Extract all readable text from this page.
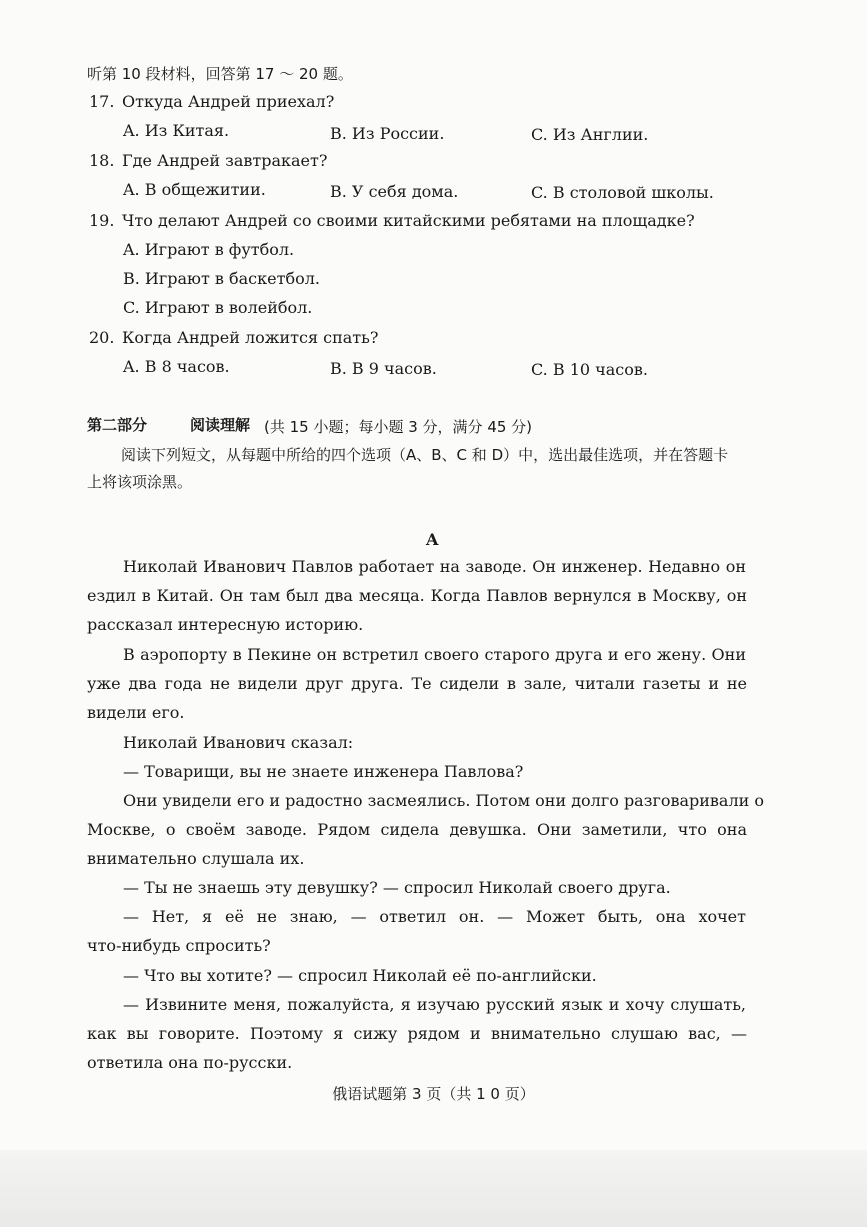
听第 10 段材料，回答第 17 ～ 20 题。
17. Откуда Андрей приехал?
A. Из Китая.	B. Из России.	C. Из Англии.
18. Где Андрей завтракает?
A. В общежитии.	B. У себя дома.	C. В столовой школы.
19. Что делают Андрей со своими китайскими ребятами на площадке?
A. Играют в футбол.
B. Играют в баскетбол.
C. Играют в волейбол.
20. Когда Андрей ложится спать?
A. В 8 часов.	B. В 9 часов.	C. В 10 часов.
第二部分	阅读理解 (共 15 小题；每小题 3 分，满分 45 分)
阅读下列短文，从每题中所给的四个选项（A、B、C 和 D）中，选出最佳选项，并在答题卡
上将该项涂黑。
A
Николай Иванович Павлов работает на заводе. Он инженер. Недавно он
ездил в Китай. Он там был два месяца. Когда Павлов вернулся в Москву, он
рассказал интересную историю.
В аэропорту в Пекине он встретил своего старого друга и его жену. Они
уже два года не видели друг друга. Те сидели в зале, читали газеты и не
видели его.
Николай Иванович сказал:
— Товарищи, вы не знаете инженера Павлова?
Они увидели его и радостно засмеялись. Потом они долго разговаривали о
Москве, о своём заводе. Рядом сидела девушка. Они заметили, что она
внимательно слушала их.
— Ты не знаешь эту девушку? — спросил Николай своего друга.
— Нет, я её не знаю, — ответил он. — Может быть, она хочет
что-нибудь спросить?
— Что вы хотите? — спросил Николай её по-английски.
— Извините меня, пожалуйста, я изучаю русский язык и хочу слушать,
как вы говорите. Поэтому я сижу рядом и внимательно слушаю вас, —
ответила она по-русски.
俄语试题第 3 页（共 1 0 页）
